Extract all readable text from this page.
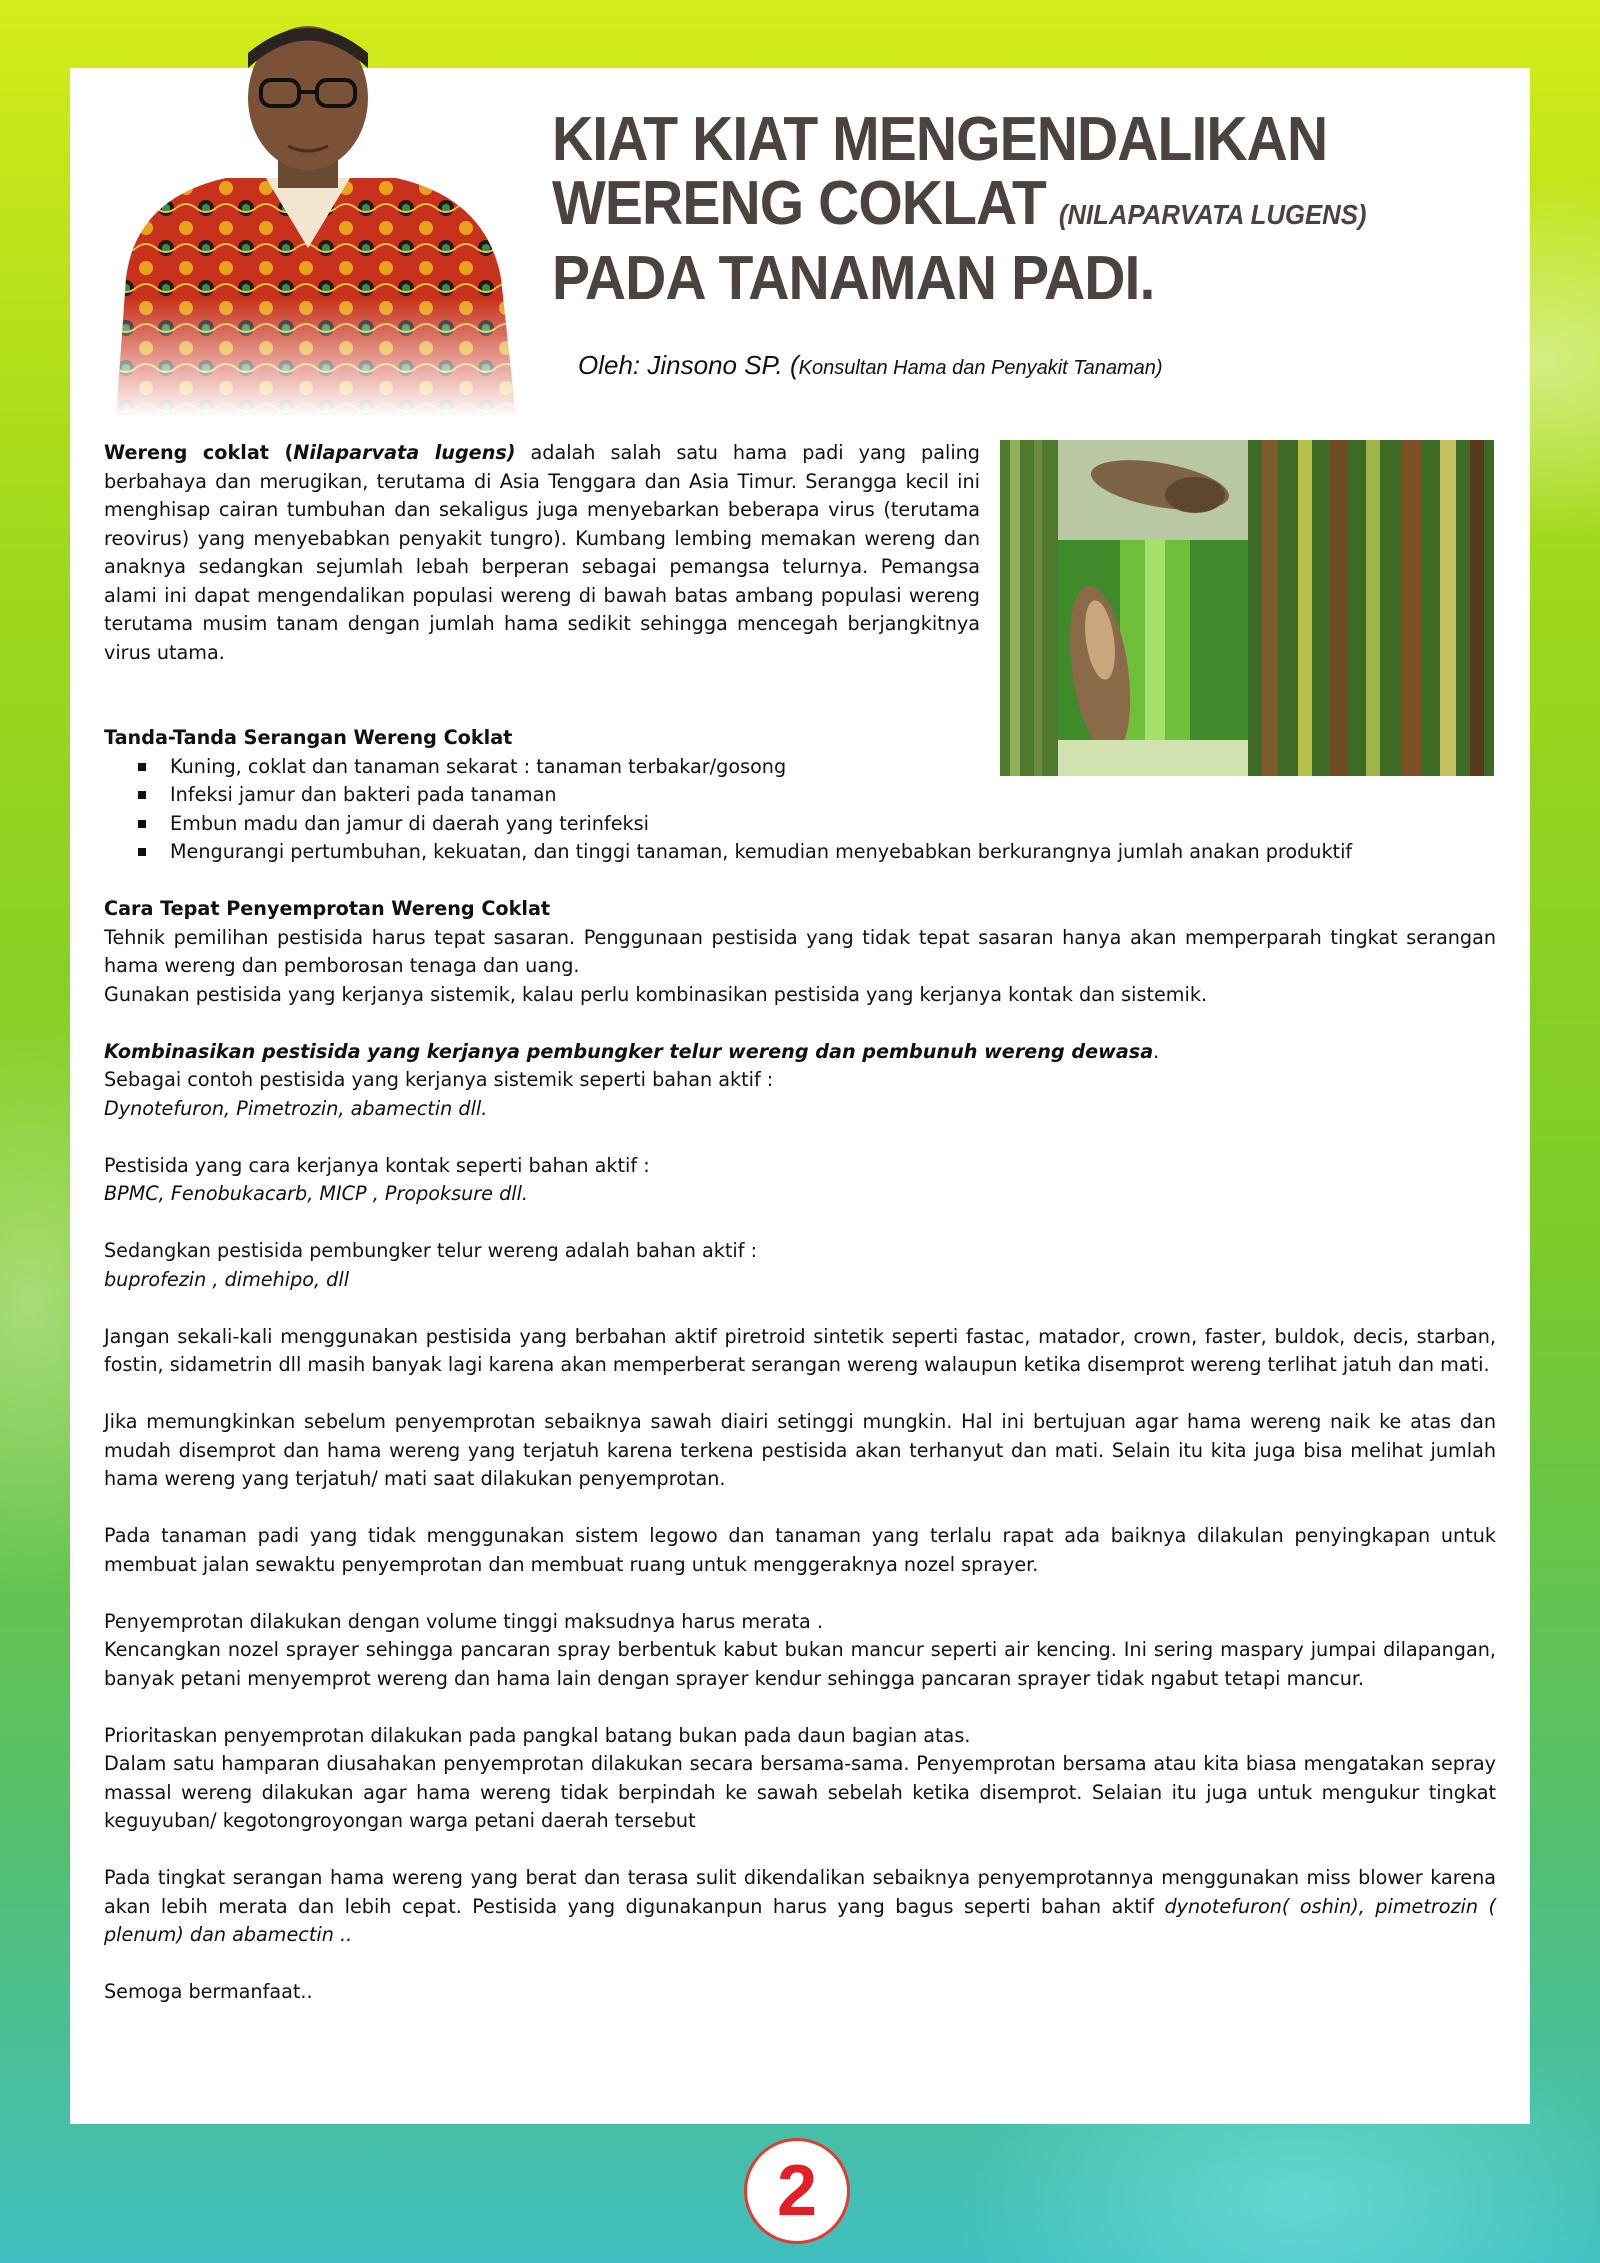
KIAT KIAT MENGENDALIKAN
WERENG COKLAT (NILAPARVATA LUGENS)
PADA TANAMAN PADI.

Oleh: Jinsono SP. (Konsultan Hama dan Penyakit Tanaman)

Wereng coklat (Nilaparvata lugens) adalah salah satu hama padi yang paling berbahaya dan merugikan, terutama di Asia Tenggara dan Asia Timur. Serangga kecil ini menghisap cairan tumbuhan dan sekaligus juga menyebarkan beberapa virus (terutama reovirus) yang menyebabkan penyakit tungro). Kumbang lembing memakan wereng dan anaknya sedangkan sejumlah lebah berperan sebagai pemangsa telurnya. Pemangsa alami ini dapat mengendalikan populasi wereng di bawah batas ambang populasi wereng terutama musim tanam dengan jumlah hama sedikit sehingga mencegah berjangkitnya virus utama.

Tanda-Tanda Serangan Wereng Coklat
Kuning, coklat dan tanaman sekarat : tanaman terbakar/gosong
Infeksi jamur dan bakteri pada tanaman
Embun madu dan jamur di daerah yang terinfeksi
Mengurangi pertumbuhan, kekuatan, dan tinggi tanaman, kemudian menyebabkan berkurangnya jumlah anakan produktif
Cara Tepat Penyemprotan Wereng Coklat

Tehnik pemilihan pestisida harus tepat sasaran. Penggunaan pestisida yang tidak tepat sasaran hanya akan memperparah tingkat serangan hama wereng dan pemborosan tenaga dan uang.
Gunakan pestisida yang kerjanya sistemik, kalau perlu kombinasikan pestisida yang kerjanya kontak dan sistemik.

Kombinasikan pestisida yang kerjanya pembungker telur wereng dan pembunuh wereng dewasa.
Sebagai contoh pestisida yang kerjanya sistemik seperti bahan aktif :
Dynotefuron, Pimetrozin, abamectin dll.

Pestisida yang cara kerjanya kontak seperti bahan aktif :
BPMC, Fenobukacarb, MICP , Propoksure dll.

Sedangkan pestisida pembungker telur wereng adalah bahan aktif :
buprofezin , dimehipo, dll

Jangan sekali-kali menggunakan pestisida yang berbahan aktif piretroid sintetik seperti fastac, matador, crown, faster, buldok, decis, starban, fostin, sidametrin dll masih banyak lagi karena akan memperberat serangan wereng walaupun ketika disemprot wereng terlihat jatuh dan mati.

Jika memungkinkan sebelum penyemprotan sebaiknya sawah diairi setinggi mungkin. Hal ini bertujuan agar hama wereng naik ke atas dan mudah disemprot dan hama wereng yang terjatuh karena terkena pestisida akan terhanyut dan mati. Selain itu kita juga bisa melihat jumlah hama wereng yang terjatuh/ mati saat dilakukan penyemprotan.

Pada tanaman padi yang tidak menggunakan sistem legowo dan tanaman yang terlalu rapat ada baiknya dilakulan penyingkapan untuk membuat jalan sewaktu penyemprotan dan membuat ruang untuk menggeraknya nozel sprayer.

Penyemprotan dilakukan dengan volume tinggi maksudnya harus merata .
Kencangkan nozel sprayer sehingga pancaran spray berbentuk kabut bukan mancur seperti air kencing. Ini sering maspary jumpai dilapangan, banyak petani menyemprot wereng dan hama lain dengan sprayer kendur sehingga pancaran sprayer tidak ngabut tetapi mancur.

Prioritaskan penyemprotan dilakukan pada pangkal batang bukan pada daun bagian atas.
Dalam satu hamparan diusahakan penyemprotan dilakukan secara bersama-sama. Penyemprotan bersama atau kita biasa mengatakan sepray massal wereng dilakukan agar hama wereng tidak berpindah ke sawah sebelah ketika disemprot. Selaian itu juga untuk mengukur tingkat keguyuban/ kegotongroyongan warga petani daerah tersebut

Pada tingkat serangan hama wereng yang berat dan terasa sulit dikendalikan sebaiknya penyemprotannya menggunakan miss blower karena akan lebih merata dan lebih cepat. Pestisida yang digunakanpun harus yang bagus seperti bahan aktif dynotefuron( oshin), pimetrozin ( plenum) dan abamectin ..

Semoga bermanfaat..

2
